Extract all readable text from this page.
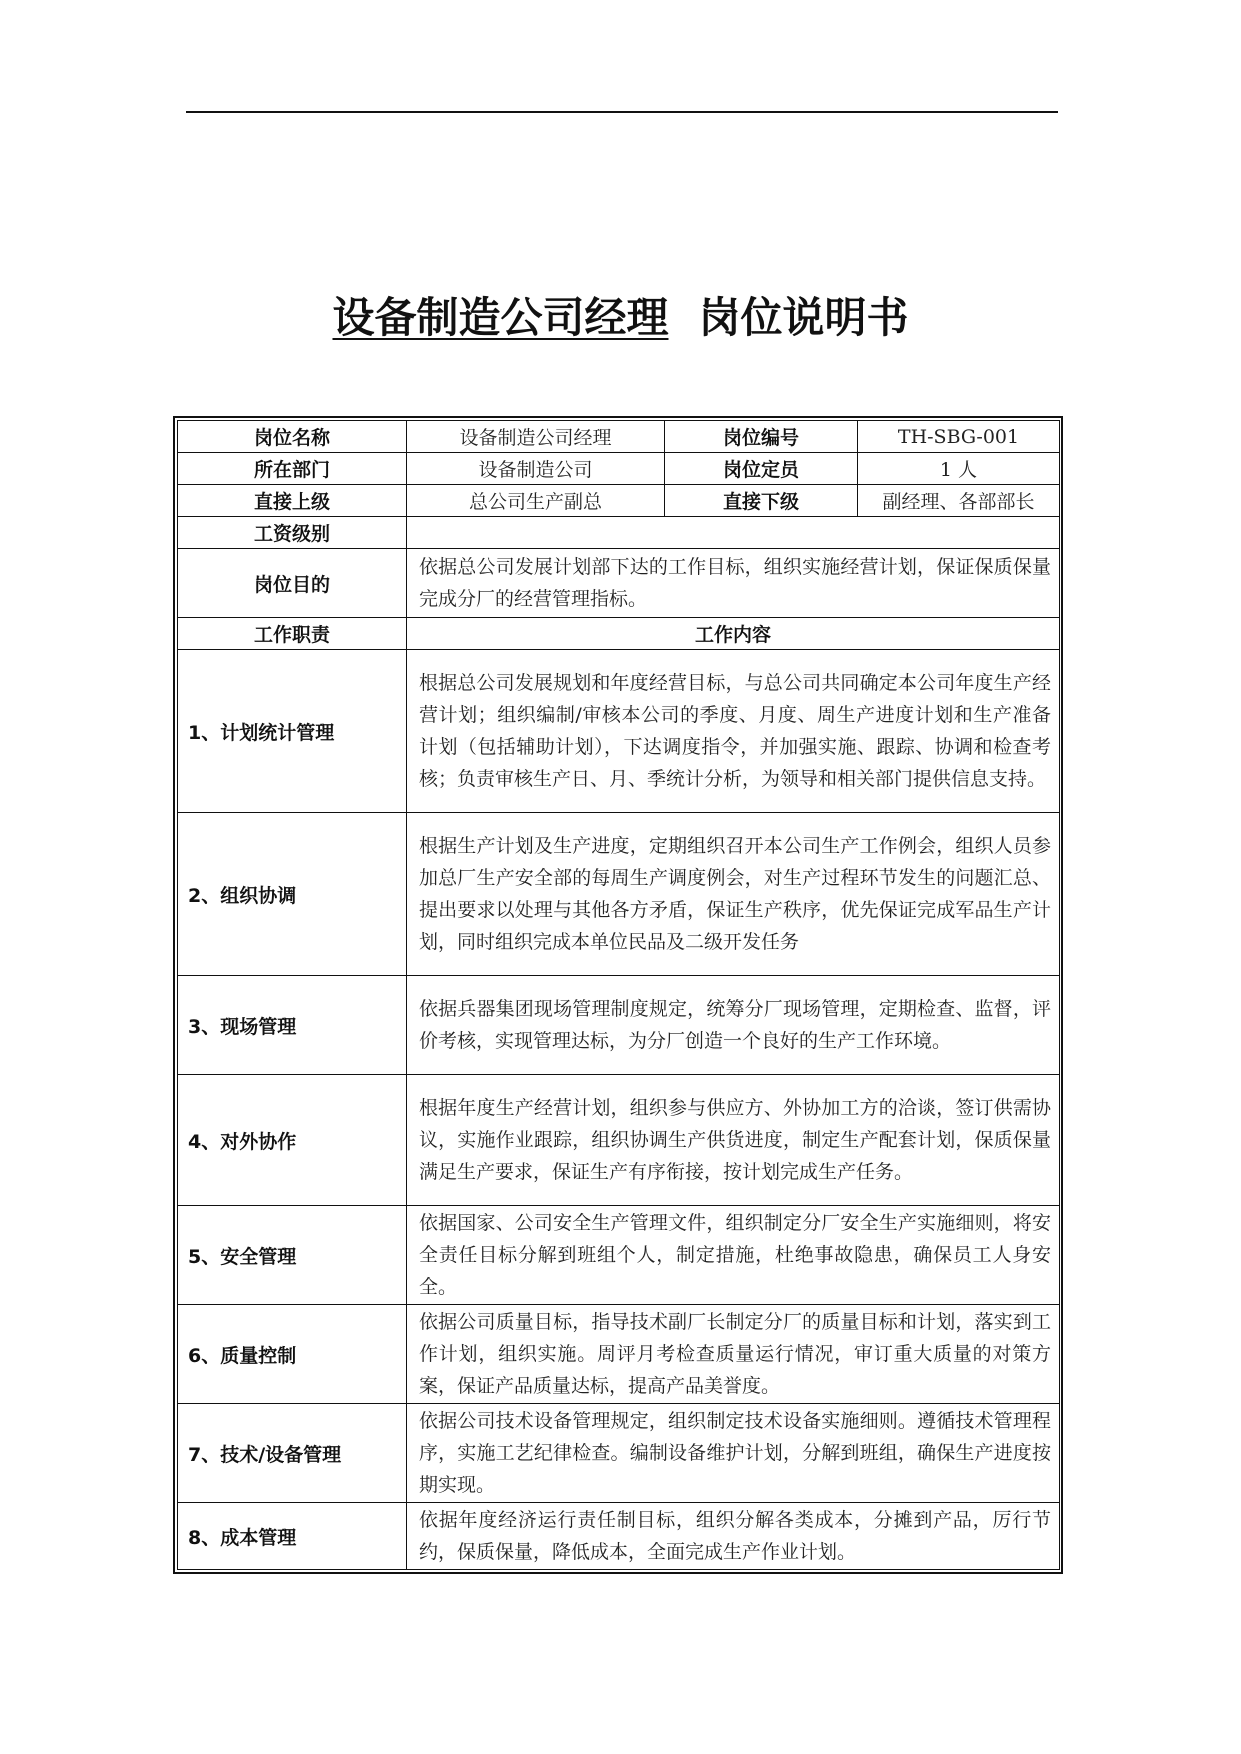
设备制造公司经理 岗位说明书
岗位名称	设备制造公司经理	岗位编号	TH-SBG-001
所在部门	设备制造公司	岗位定员	1 人
直接上级	总公司生产副总	直接下级	副经理、各部部长
工资级别			
岗位目的	依据总公司发展计划部下达的工作目标，组织实施经营计划，保证保质保量完成分厂的经营管理指标。		
工作职责	工作内容		
1、计划统计管理	根据总公司发展规划和年度经营目标，与总公司共同确定本公司年度生产经营计划；组织编制/审核本公司的季度、月度、周生产进度计划和生产准备计划（包括辅助计划），下达调度指令，并加强实施、跟踪、协调和检查考核；负责审核生产日、月、季统计分析，为领导和相关部门提供信息支持。		
2、组织协调	根据生产计划及生产进度，定期组织召开本公司生产工作例会，组织人员参加总厂生产安全部的每周生产调度例会，对生产过程环节发生的问题汇总、提出要求以处理与其他各方矛盾，保证生产秩序，优先保证完成军品生产计划，同时组织完成本单位民品及二级开发任务		
3、现场管理	依据兵器集团现场管理制度规定，统筹分厂现场管理，定期检查、监督，评价考核，实现管理达标，为分厂创造一个良好的生产工作环境。		
4、对外协作	根据年度生产经营计划，组织参与供应方、外协加工方的洽谈，签订供需协议，实施作业跟踪，组织协调生产供货进度，制定生产配套计划，保质保量满足生产要求，保证生产有序衔接，按计划完成生产任务。		
5、安全管理	依据国家、公司安全生产管理文件，组织制定分厂安全生产实施细则，将安全责任目标分解到班组个人，制定措施，杜绝事故隐患，确保员工人身安全。		
6、质量控制	依据公司质量目标，指导技术副厂长制定分厂的质量目标和计划，落实到工作计划，组织实施。周评月考检查质量运行情况，审订重大质量的对策方案，保证产品质量达标，提高产品美誉度。		
7、技术/设备管理	依据公司技术设备管理规定，组织制定技术设备实施细则。遵循技术管理程序，实施工艺纪律检查。编制设备维护计划，分解到班组，确保生产进度按期实现。		
8、成本管理	依据年度经济运行责任制目标，组织分解各类成本，分摊到产品，厉行节约，保质保量，降低成本，全面完成生产作业计划。		
